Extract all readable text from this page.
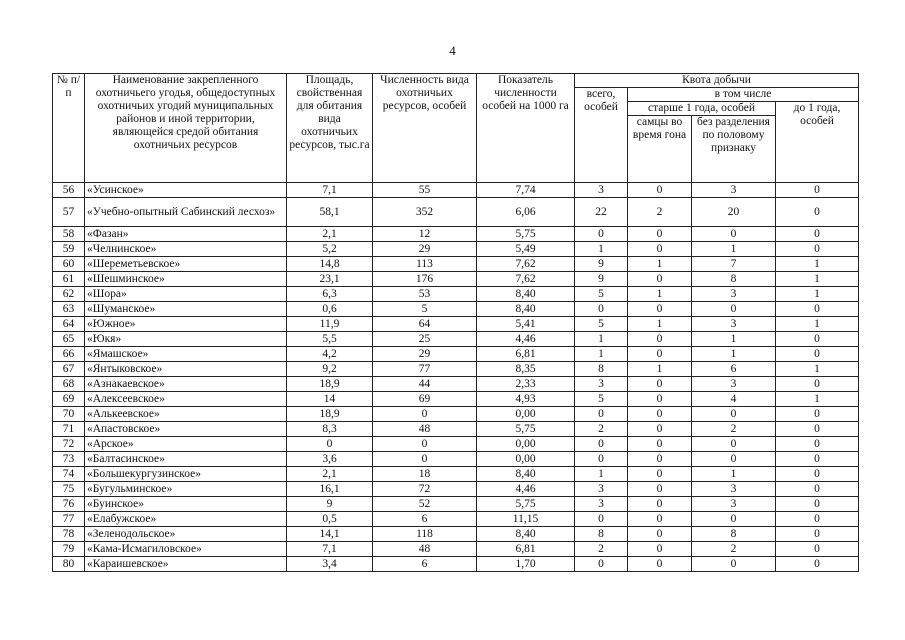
4
№ п/п	Наименование закрепленного охотничьего угодья, общедоступных охотничьих угодий муниципальных районов и иной территории, являющейся средой обитания охотничьих ресурсов	Площадь, свойственная для обитания вида охотничьих ресурсов, тыс.га	Численность вида охотничьих ресурсов, особей	Показатель численности особей на 1000 га	Квота добычи			
					всего, особей	в том числе		
						старше 1 года, особей		до 1 года, особей
						самцы во время гона	без разделения по половому признаку	
56	«Усинское»	7,1	55	7,74	3	0	3	0
57	«Учебно-опытный Сабинский лесхоз»	58,1	352	6,06	22	2	20	0
58	«Фазан»	2,1	12	5,75	0	0	0	0
59	«Челнинское»	5,2	29	5,49	1	0	1	0
60	«Шереметьевское»	14,8	113	7,62	9	1	7	1
61	«Шешминское»	23,1	176	7,62	9	0	8	1
62	«Шора»	6,3	53	8,40	5	1	3	1
63	«Шуманское»	0,6	5	8,40	0	0	0	0
64	«Южное»	11,9	64	5,41	5	1	3	1
65	«Юкя»	5,5	25	4,46	1	0	1	0
66	«Ямашское»	4,2	29	6,81	1	0	1	0
67	«Янтыковское»	9,2	77	8,35	8	1	6	1
68	«Азнакаевское»	18,9	44	2,33	3	0	3	0
69	«Алексеевское»	14	69	4,93	5	0	4	1
70	«Алькеевское»	18,9	0	0,00	0	0	0	0
71	«Апастовское»	8,3	48	5,75	2	0	2	0
72	«Арское»	0	0	0,00	0	0	0	0
73	«Балтасинское»	3,6	0	0,00	0	0	0	0
74	«Большекургузинское»	2,1	18	8,40	1	0	1	0
75	«Бугульминское»	16,1	72	4,46	3	0	3	0
76	«Буинское»	9	52	5,75	3	0	3	0
77	«Елабужское»	0,5	6	11,15	0	0	0	0
78	«Зеленодольское»	14,1	118	8,40	8	0	8	0
79	«Кама-Исмагиловское»	7,1	48	6,81	2	0	2	0
80	«Караишевское»	3,4	6	1,70	0	0	0	0
